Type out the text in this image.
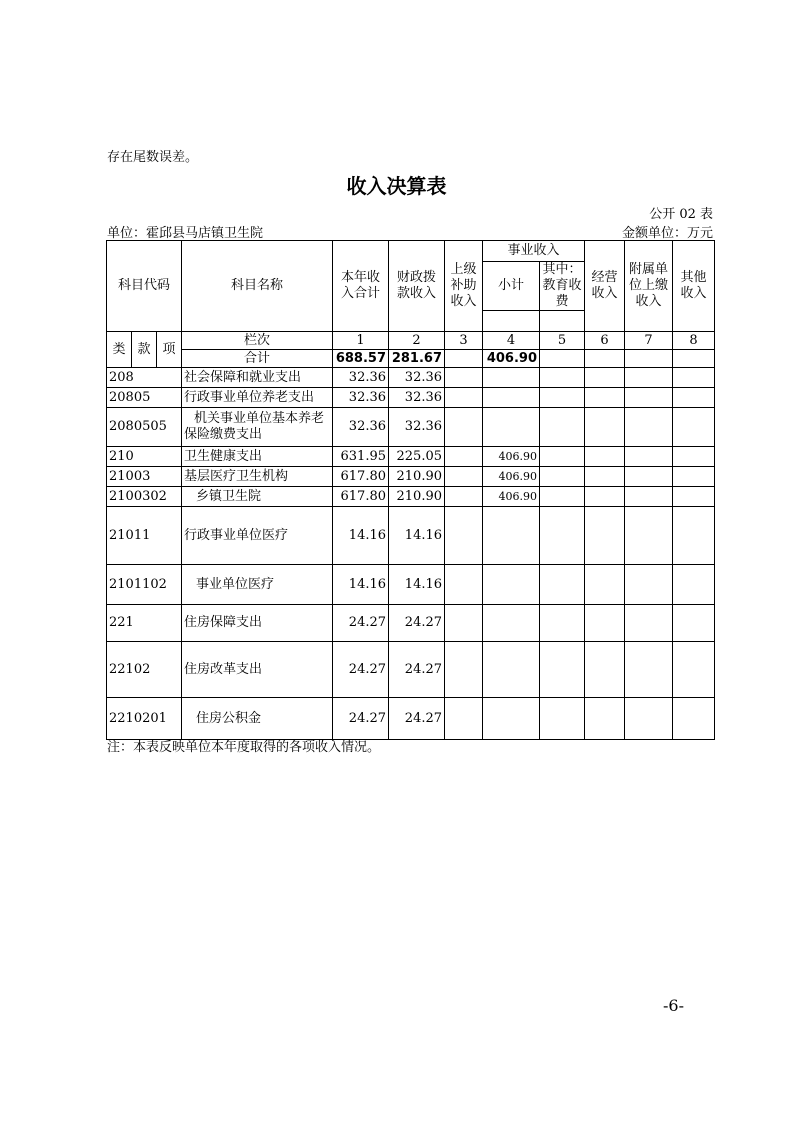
存在尾数误差。
收入决算表
公开 02 表
单位：霍邱县马店镇卫生院	金额单位：万元
科目代码			科目名称	本年收入合计	财政拨款收入	上级补助收入	事业收入		经营收入	附属单位上缴收入	其他收入
							小计	其中：教育收费			

类	款	项	栏次	1	2	3	4	5	6	7	8
			合计	688.57	281.67		406.90				
208			社会保障和就业支出	32.36	32.36						
20805			行政事业单位养老支出	32.36	32.36						
2080505			机关事业单位基本养老保险缴费支出	32.36	32.36						
210			卫生健康支出	631.95	225.05		406.90				
21003			基层医疗卫生机构	617.80	210.90		406.90				
2100302			乡镇卫生院	617.80	210.90		406.90				
21011			行政事业单位医疗	14.16	14.16						
2101102			事业单位医疗	14.16	14.16						
221			住房保障支出	24.27	24.27						
22102			住房改革支出	24.27	24.27						
2210201			住房公积金	24.27	24.27						
注：本表反映单位本年度取得的各项收入情况。
-6-
